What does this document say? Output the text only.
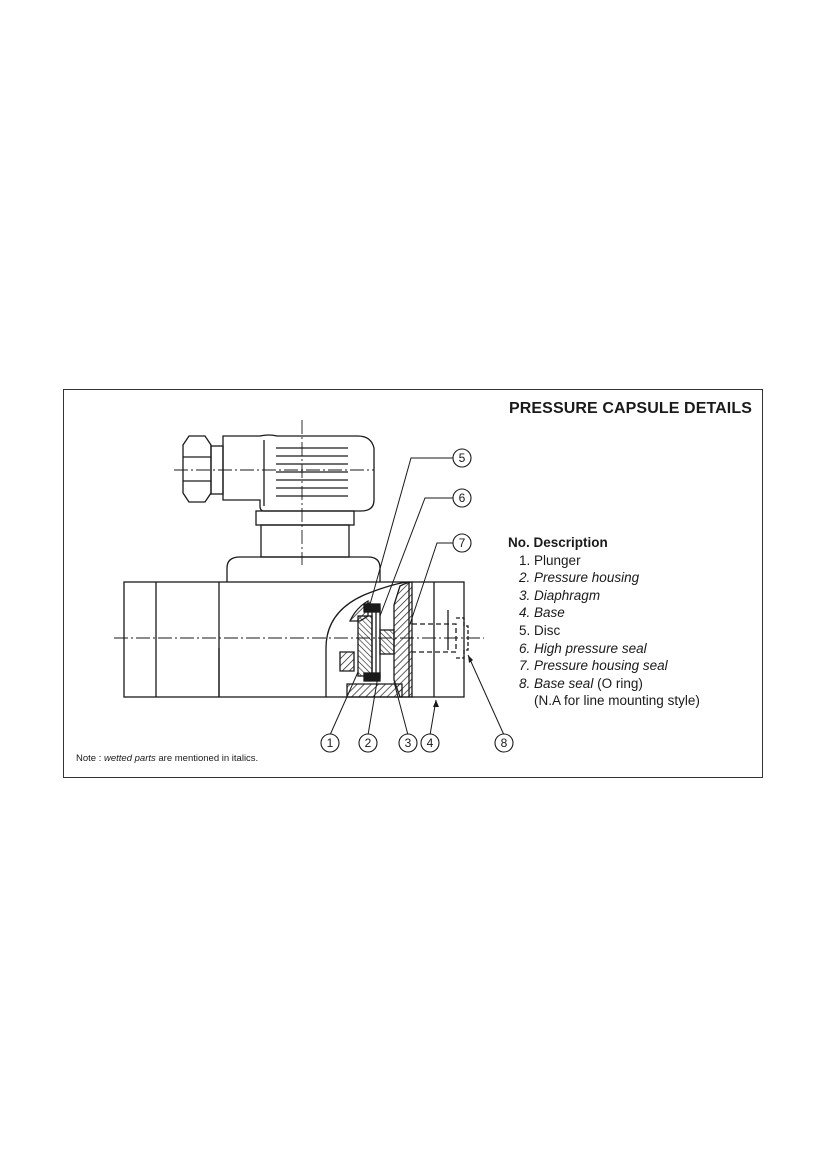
PRESSURE CAPSULE DETAILS
5
6
7
1	2	3 4	8
No. Description
1. Plunger
2. Pressure housing
3. Diaphragm
4. Base
5. Disc
6. High pressure seal
7. Pressure housing seal
8. Base seal (O ring)
(N.A for line mounting style)
Note : wetted parts are mentioned in italics.
